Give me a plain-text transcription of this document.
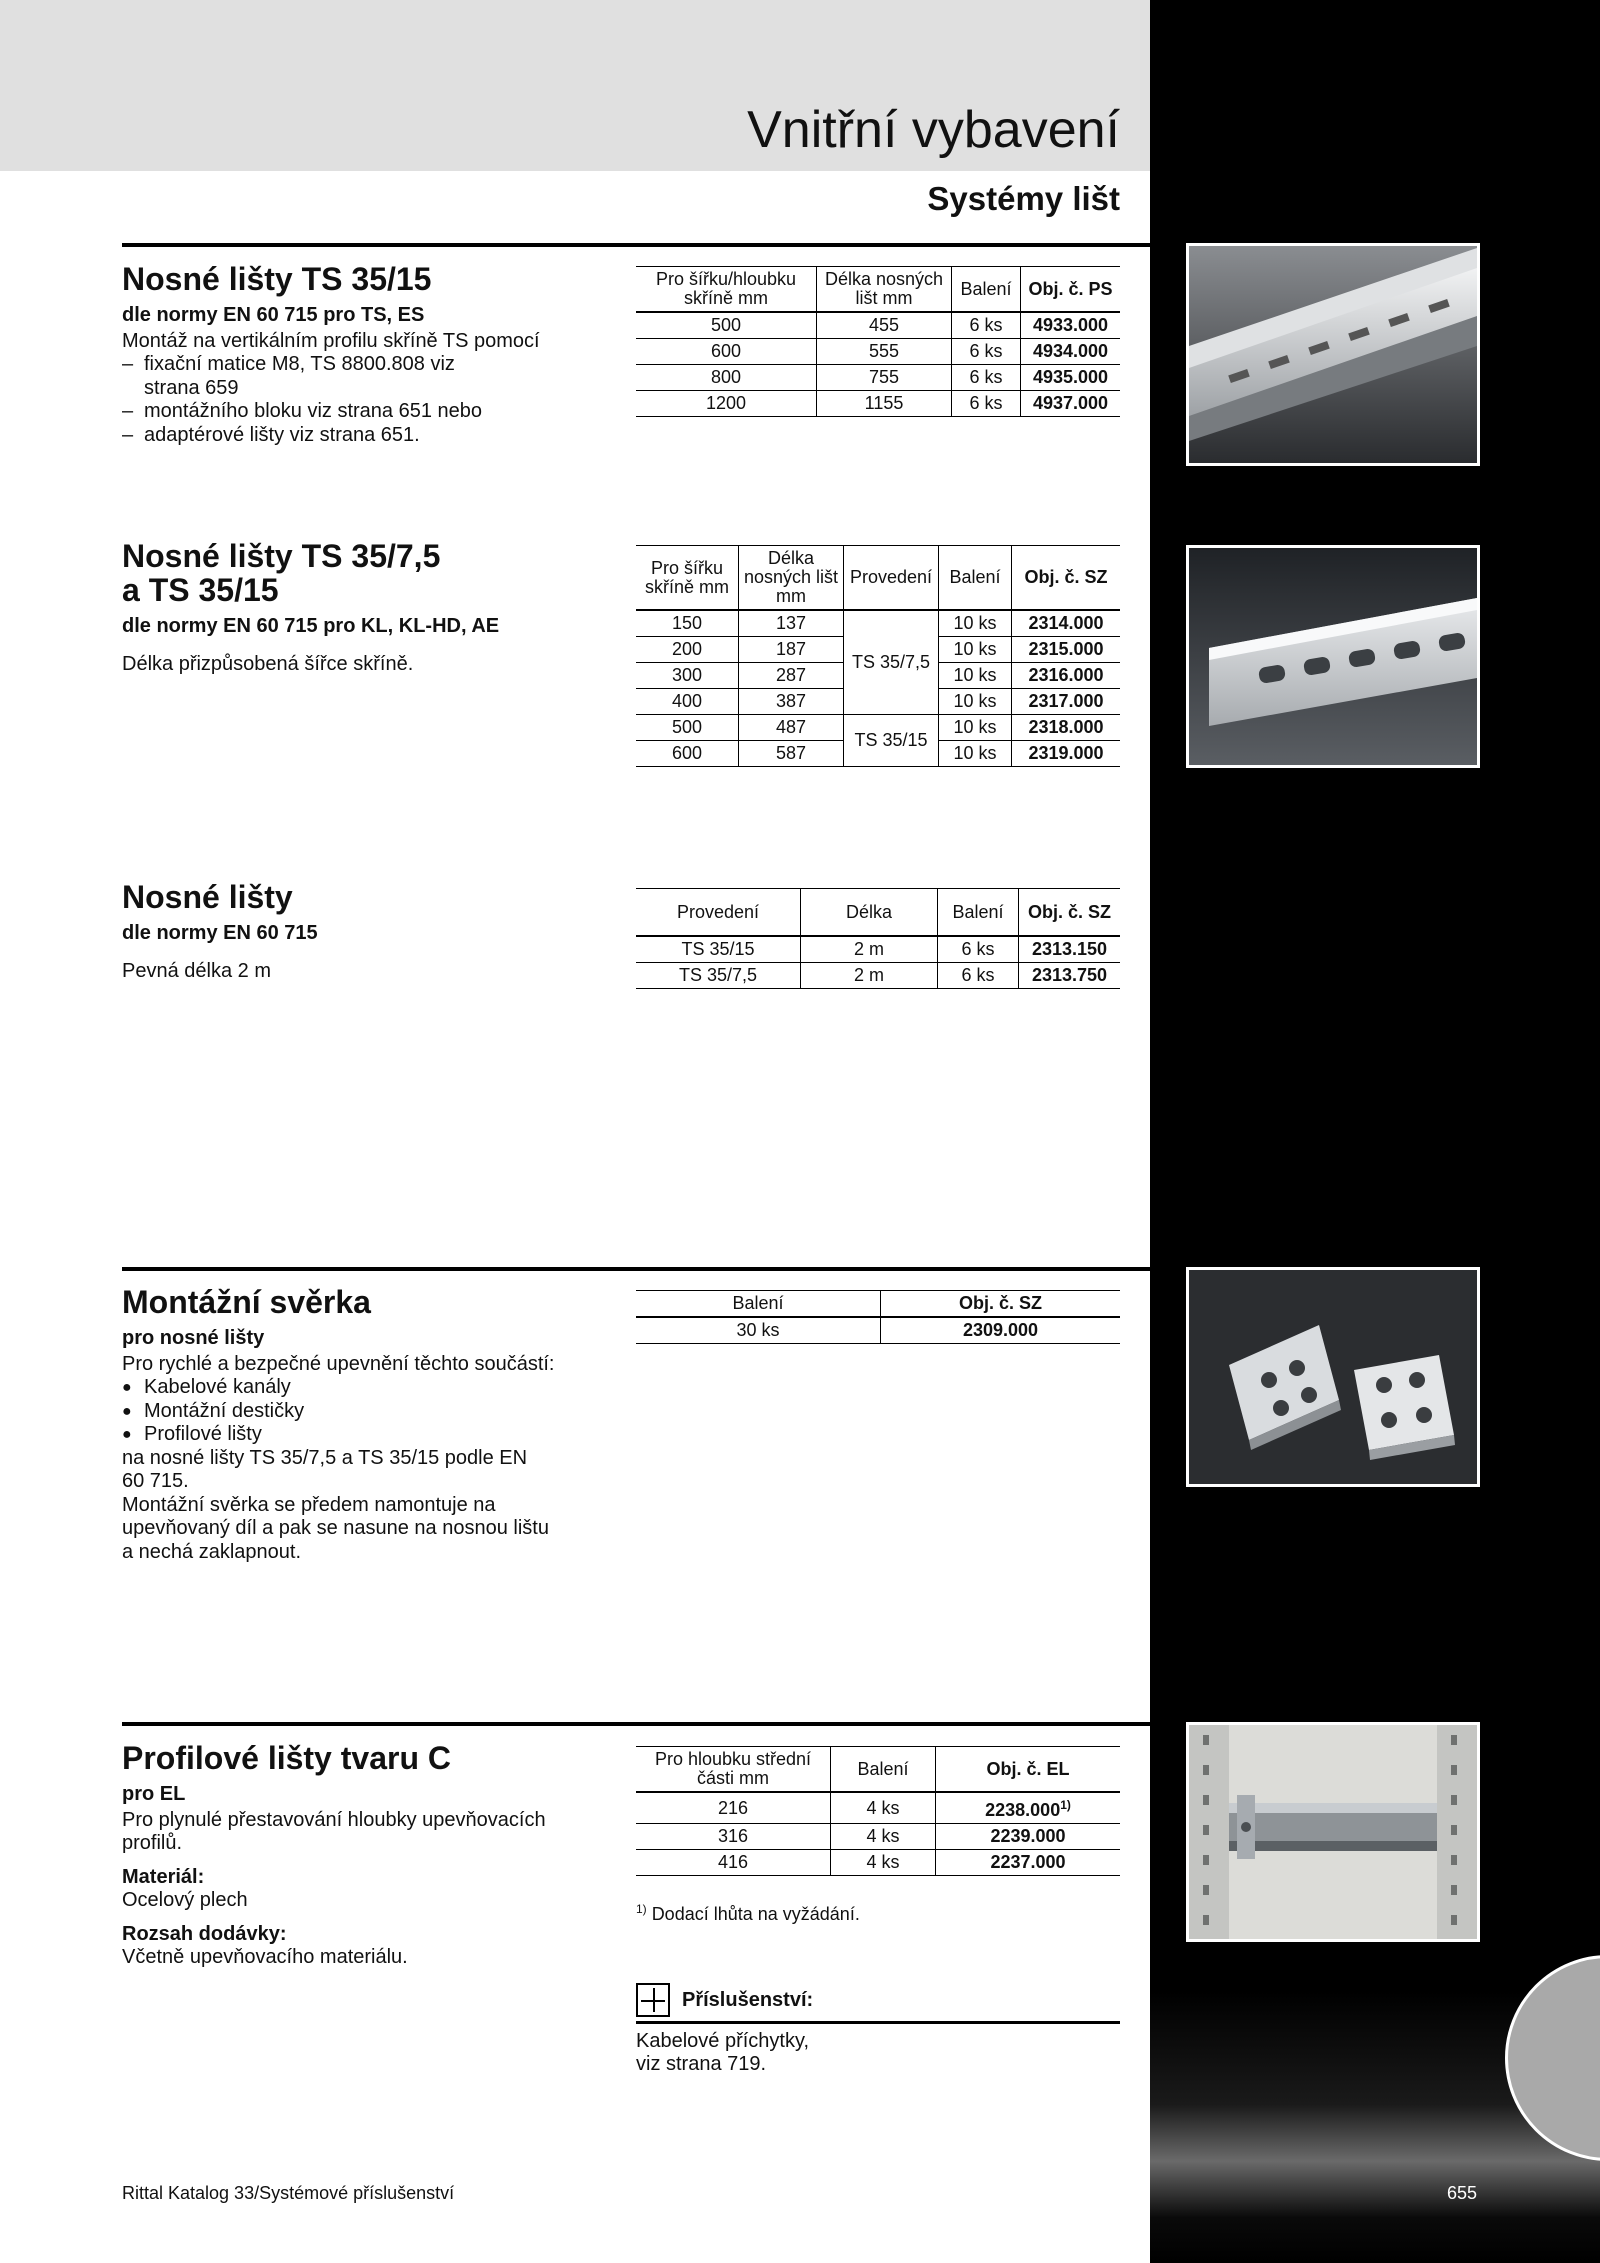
Vnitřní vybavení
Systémy lišt
Nosné lišty TS 35/15

dle normy EN 60 715 pro TS, ES

Montáž na vertikálním profilu skříně TS pomocí

– fixační matice M8, TS 8800.808 viz strana 659
– montážního bloku viz strana 651 nebo
– adaptérové lišty viz strana 651.
Pro šířku/hloubku skříně mm	Délka nosných lišt mm	Balení	Obj. č. PS
500	455	6 ks	4933.000
600	555	6 ks	4934.000
800	755	6 ks	4935.000
1200	1155	6 ks	4937.000
Nosné lišty TS 35/7,5
a TS 35/15

dle normy EN 60 715 pro KL, KL-HD, AE

Délka přizpůsobená šířce skříně.

Pro šířku skříně mm	Délka nosných lišt mm	Provedení	Balení	Obj. č. SZ
150	137	TS 35/7,5	10 ks	2314.000
200	187		10 ks	2315.000
300	287		10 ks	2316.000
400	387		10 ks	2317.000
500	487	TS 35/15	10 ks	2318.000
600	587		10 ks	2319.000
Nosné lišty

dle normy EN 60 715

Pevná délka 2 m

Provedení	Délka	Balení	Obj. č. SZ
TS 35/15	2 m	6 ks	2313.150
TS 35/7,5	2 m	6 ks	2313.750
Montážní svěrka

pro nosné lišty

Pro rychlé a bezpečné upevnění těchto součástí:

● Kabelové kanály
● Montážní destičky
● Profilové lišty

na nosné lišty TS 35/7,5 a TS 35/15 podle EN 60 715.

Montážní svěrka se předem namontuje na upevňovaný díl a pak se nasune na nosnou lištu a nechá zaklapnout.

Balení	Obj. č. SZ
30 ks	2309.000
Profilové lišty tvaru C

pro EL

Pro plynulé přestavování hloubky upevňovacích profilů.

Materiál:

Ocelový plech

Rozsah dodávky:

Včetně upevňovacího materiálu.

Pro hloubku střední části mm	Balení	Obj. č. EL
216	4 ks	2238.000$^{1)}$
316	4 ks	2239.000
416	4 ks	2237.000
$^{1)}$ Dodací lhůta na vyžádání.
Příslušenství:

Kabelové příchytky, viz strana 719.

Rittal Katalog 33/Systémové příslušenství	655
